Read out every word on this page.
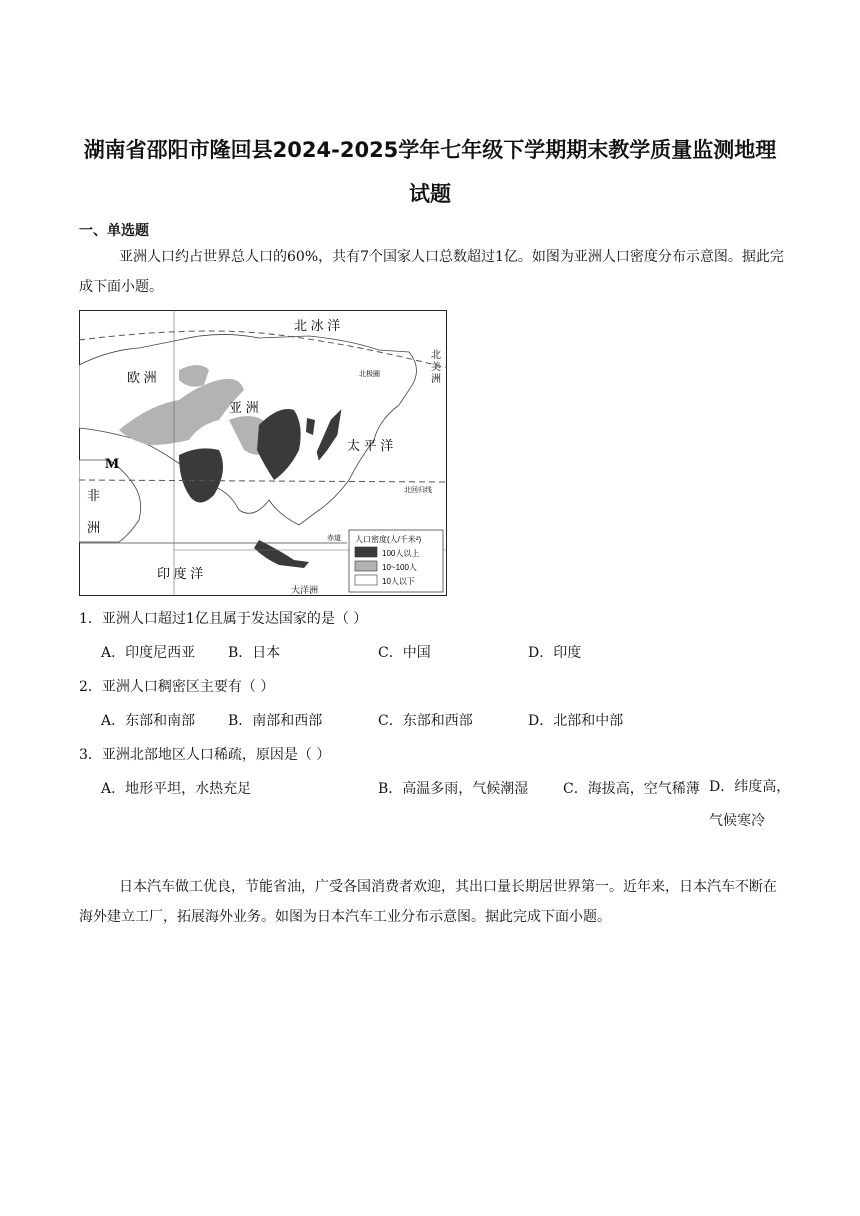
湖南省邵阳市隆回县2024-2025学年七年级下学期期末教学质量监测地理
试题
一、单选题
亚洲人口约占世界总人口的60%，共有7个国家人口总数超过1亿。如图为亚洲人口密度分布示意图。据此完成下面小题。
北 冰 洋
欧 洲
亚 洲
太 平 洋
非
洲
印 度 洋
北极圈
北回归线
赤道
北
美
洲
大洋洲
M
人口密度(人/千米²)
100人以上
10~100人
10人以下
1．亚洲人口超过1亿且属于发达国家的是（ ）
A．印度尼西亚 B．日本	C．中国	D．印度
2．亚洲人口稠密区主要有（ ）
A．东部和南部 B．南部和西部	C．东部和西部	D．北部和中部
3．亚洲北部地区人口稀疏，原因是（ ）
A．地形平坦，水热充足	B．高温多雨，气候潮湿 C．海拔高，空气稀薄 D．纬度高，气候寒冷
日本汽车做工优良，节能省油，广受各国消费者欢迎，其出口量长期居世界第一。近年来，日本汽车不断在海外建立工厂，拓展海外业务。如图为日本汽车工业分布示意图。据此完成下面小题。
